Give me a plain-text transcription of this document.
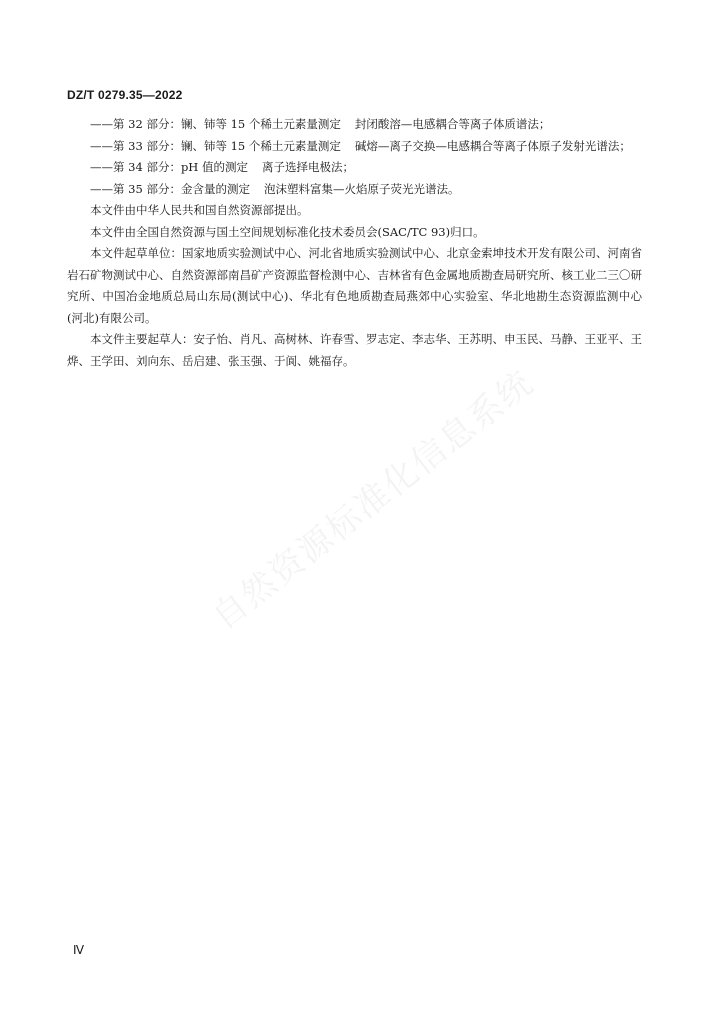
DZ/T 0279.35—2022
—— 第 32 部分：镧、铈等 15 个稀土元素量测定 封闭酸溶—电感耦合等离子体质谱法；
—— 第 33 部分：镧、铈等 15 个稀土元素量测定 碱熔—离子交换—电感耦合等离子体原子发射光谱法；
—— 第 34 部分：pH 值的测定 离子选择电极法；
—— 第 35 部分：金含量的测定 泡沫塑料富集—火焰原子荧光光谱法。
本文件由中华人民共和国自然资源部提出。
本文件由全国自然资源与国土空间规划标准化技术委员会(SAC/TC 93)归口。
本文件起草单位：国家地质实验测试中心、河北省地质实验测试中心、北京金索坤技术开发有限公司、河南省岩石矿物测试中心、自然资源部南昌矿产资源监督检测中心、吉林省有色金属地质勘查局研究所、核工业二三〇研究所、中国冶金地质总局山东局(测试中心)、华北有色地质勘查局燕郊中心实验室、华北地勘生态资源监测中心(河北)有限公司。
本文件主要起草人：安子怡、肖凡、高树林、许春雪、罗志定、李志华、王苏明、申玉民、马静、王亚平、王烨、王学田、刘向东、岳启建、张玉强、于阆、姚福存。
Ⅳ
